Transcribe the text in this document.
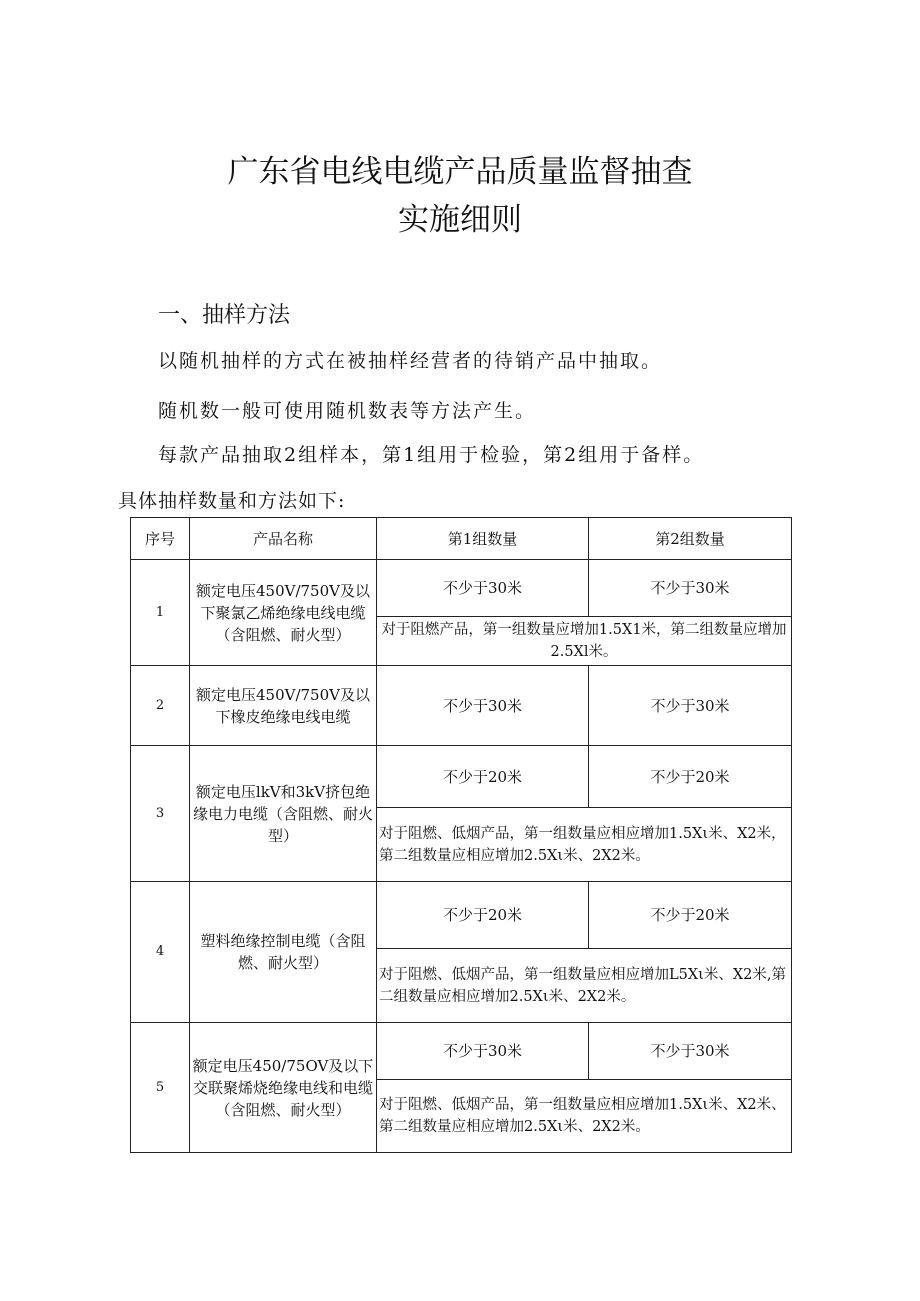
广东省电线电缆产品质量监督抽查
实施细则
一、抽样方法
以随机抽样的方式在被抽样经营者的待销产品中抽取。
随机数一般可使用随机数表等方法产生。
每款产品抽取2组样本，第1组用于检验，第2组用于备样。
具体抽样数量和方法如下:
序号	产品名称	第1组数量	第2组数量
1	额定电压450V/750V及以下聚氯乙烯绝缘电线电缆（含阻燃、耐火型）	不少于30米	不少于30米
		对于阻燃产品，第一组数量应增加1.5X1米，第二组数量应增加2.5Xl米。	
2	额定电压450V/750V及以下橡皮绝缘电线电缆	不少于30米	不少于30米
3	额定电压lkV和3kV挤包绝缘电力电缆（含阻燃、耐火型）	不少于20米	不少于20米
		对于阻燃、低烟产品，第一组数量应相应增加1.5Xι米、X2米，第二组数量应相应增加2.5Xι米、2X2米。	
4	塑料绝缘控制电缆（含阻燃、耐火型）	不少于20米	不少于20米
		对于阻燃、低烟产品，第一组数量应相应增加L5Xι米、X2米,第二组数量应相应增加2.5Xι米、2X2米。	
5	额定电压450/75OV及以下交联聚烯烧绝缘电线和电缆（含阻燃、耐火型）	不少于30米	不少于30米
		对于阻燃、低烟产品，第一组数量应相应增加1.5Xι米、X2米、第二组数量应相应增加2.5Xι米、2X2米。	
